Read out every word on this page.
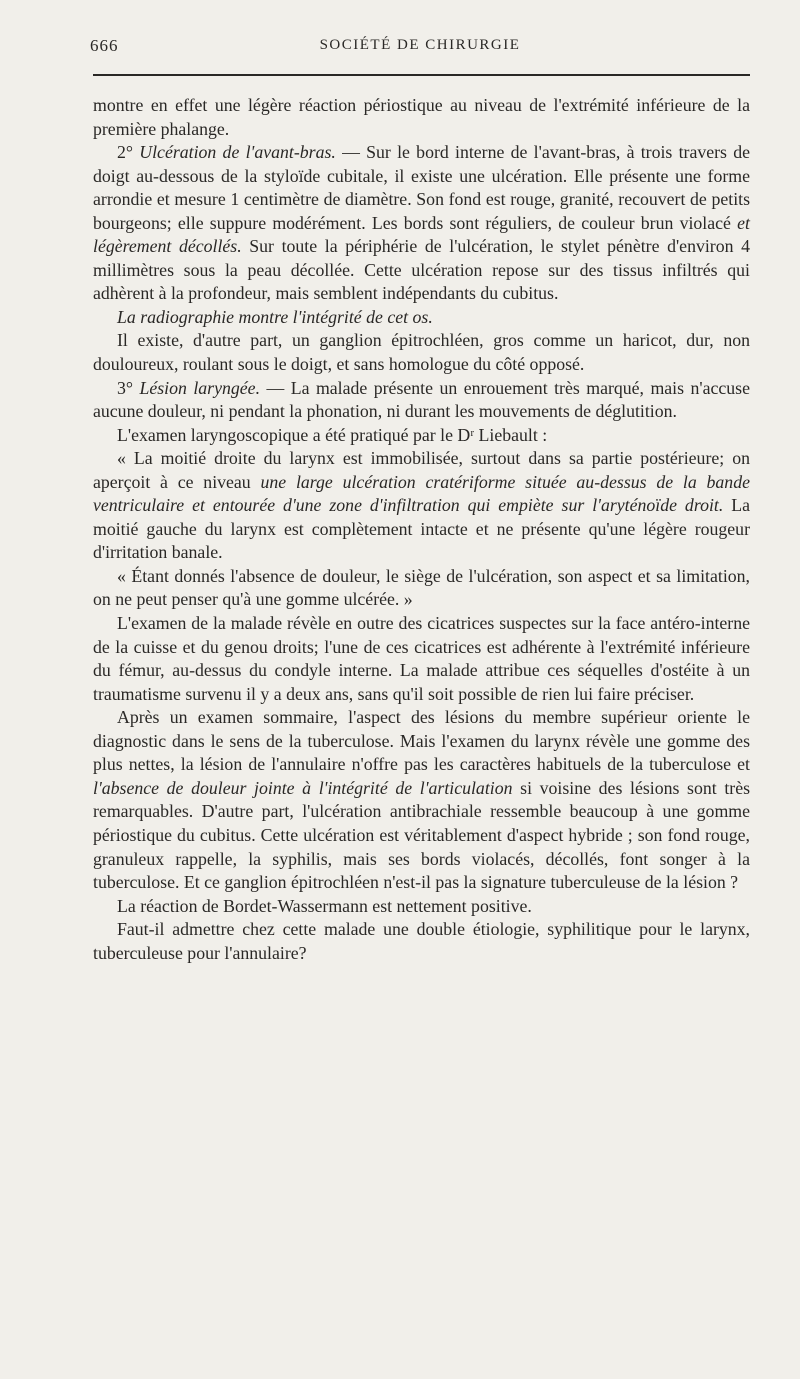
666	SOCIÉTÉ DE CHIRURGIE

montre en effet une légère réaction périostique au niveau de l'extrémité inférieure de la première phalange.

2° Ulcération de l'avant-bras. — Sur le bord interne de l'avant-bras, à trois travers de doigt au-dessous de la styloïde cubitale, il existe une ulcération. Elle présente une forme arrondie et mesure 1 centimètre de diamètre. Son fond est rouge, granité, recouvert de petits bourgeons; elle suppure modérément. Les bords sont réguliers, de couleur brun violacé et légèrement décollés. Sur toute la périphérie de l'ulcération, le stylet pénètre d'environ 4 millimètres sous la peau décollée. Cette ulcération repose sur des tissus infiltrés qui adhèrent à la profondeur, mais semblent indépendants du cubitus.

La radiographie montre l'intégrité de cet os.

Il existe, d'autre part, un ganglion épitrochléen, gros comme un haricot, dur, non douloureux, roulant sous le doigt, et sans homologue du côté opposé.

3° Lésion laryngée. — La malade présente un enrouement très marqué, mais n'accuse aucune douleur, ni pendant la phonation, ni durant les mouvements de déglutition.

L'examen laryngoscopique a été pratiqué par le Dʳ Liebault :

« La moitié droite du larynx est immobilisée, surtout dans sa partie postérieure; on aperçoit à ce niveau une large ulcération cratériforme située au-dessus de la bande ventriculaire et entourée d'une zone d'infiltration qui empiète sur l'aryténoïde droit. La moitié gauche du larynx est complètement intacte et ne présente qu'une légère rougeur d'irritation banale.

« Étant donnés l'absence de douleur, le siège de l'ulcération, son aspect et sa limitation, on ne peut penser qu'à une gomme ulcérée. »

L'examen de la malade révèle en outre des cicatrices suspectes sur la face antéro-interne de la cuisse et du genou droits; l'une de ces cicatrices est adhérente à l'extrémité inférieure du fémur, au-dessus du condyle interne. La malade attribue ces séquelles d'ostéite à un traumatisme survenu il y a deux ans, sans qu'il soit possible de rien lui faire préciser.

Après un examen sommaire, l'aspect des lésions du membre supérieur oriente le diagnostic dans le sens de la tuberculose. Mais l'examen du larynx révèle une gomme des plus nettes, la lésion de l'annulaire n'offre pas les caractères habituels de la tuberculose et l'absence de douleur jointe à l'intégrité de l'articulation si voisine des lésions sont très remarquables. D'autre part, l'ulcération antibrachiale ressemble beaucoup à une gomme périostique du cubitus. Cette ulcération est véritablement d'aspect hybride ; son fond rouge, granuleux rappelle, la syphilis, mais ses bords violacés, décollés, font songer à la tuberculose. Et ce ganglion épitrochléen n'est-il pas la signature tuberculeuse de la lésion ?

La réaction de Bordet-Wassermann est nettement positive.

Faut-il admettre chez cette malade une double étiologie, syphilitique pour le larynx, tuberculeuse pour l'annulaire?
